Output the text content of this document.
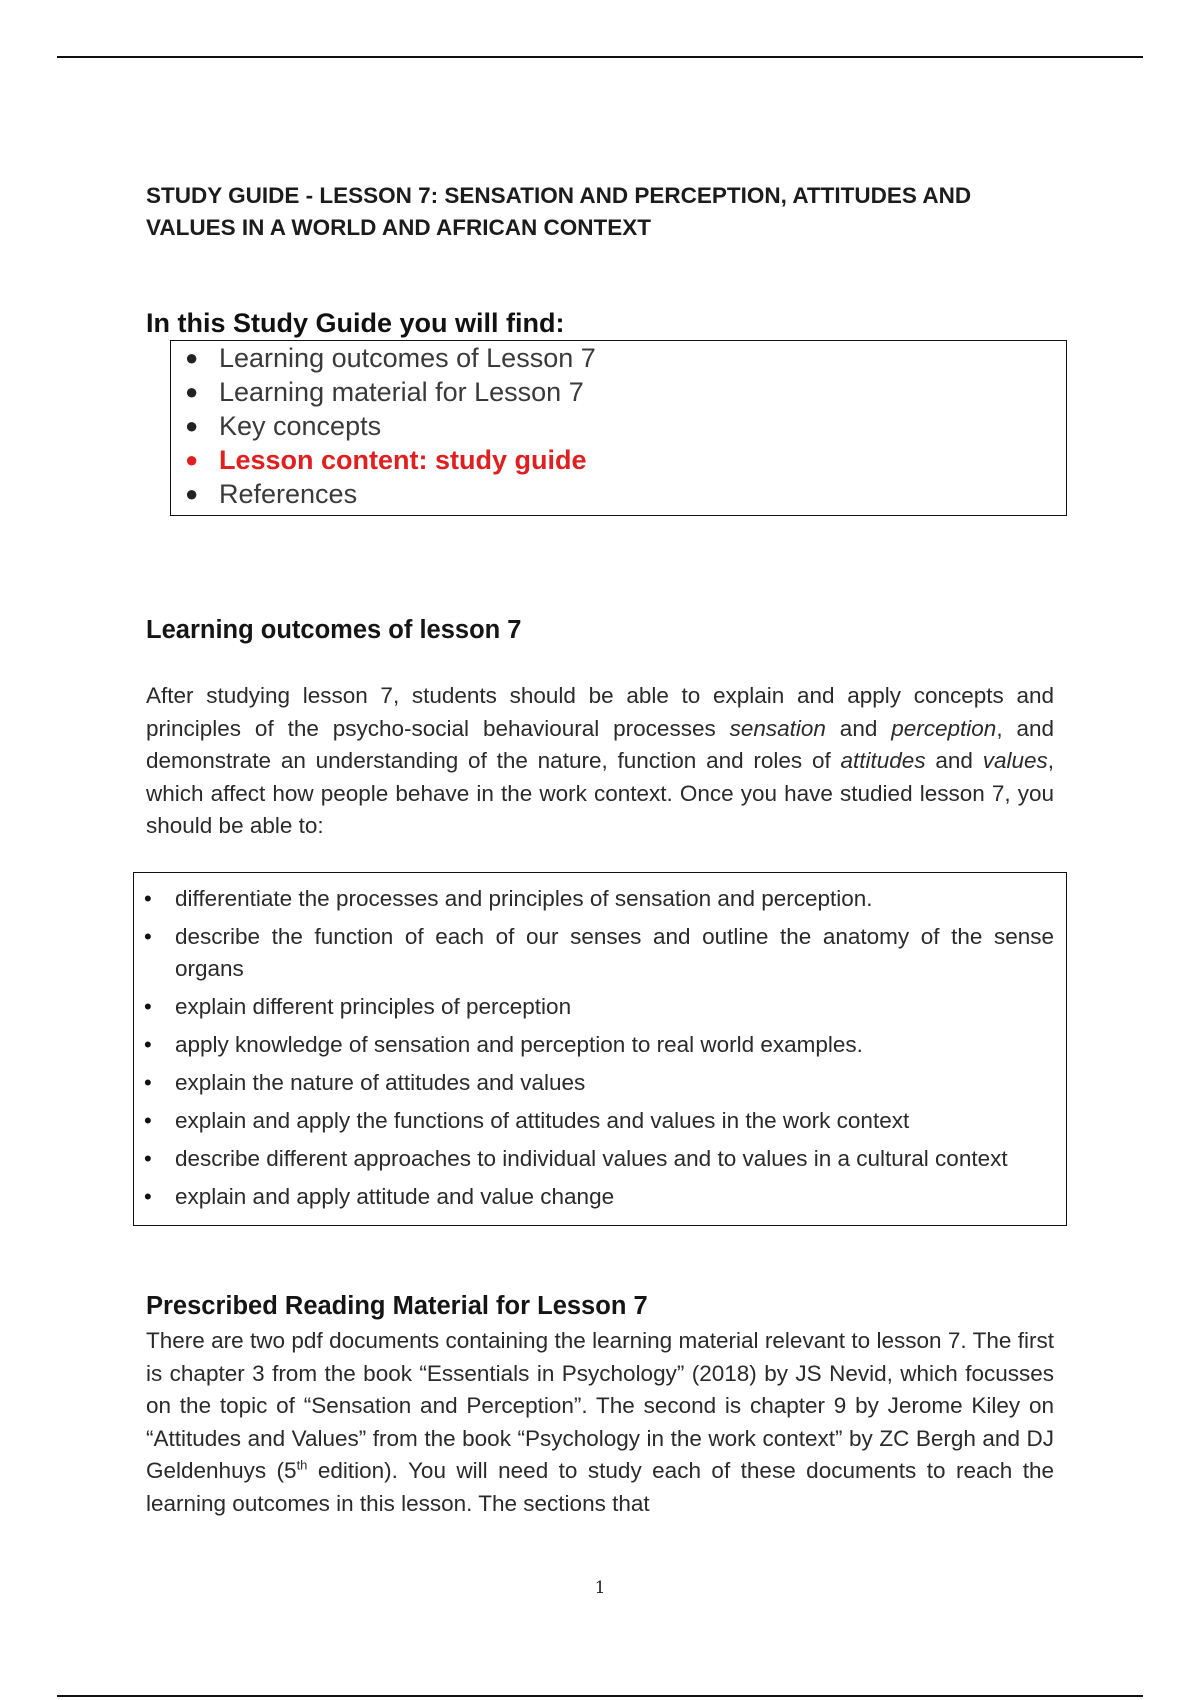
STUDY GUIDE - LESSON 7: SENSATION AND PERCEPTION, ATTITUDES AND VALUES IN A WORLD AND AFRICAN CONTEXT
In this Study Guide you will find:
● Learning outcomes of Lesson 7
● Learning material for Lesson 7
● Key concepts
● Lesson content: study guide
● References
Learning outcomes of lesson 7

After studying lesson 7, students should be able to explain and apply concepts and principles of the psycho-social behavioural processes sensation and perception, and demonstrate an understanding of the nature, function and roles of attitudes and values, which affect how people behave in the work context. Once you have studied lesson 7, you should be able to:

• differentiate the processes and principles of sensation and perception.
• describe the function of each of our senses and outline the anatomy of the sense organs
• explain different principles of perception
• apply knowledge of sensation and perception to real world examples.
• explain the nature of attitudes and values
• explain and apply the functions of attitudes and values in the work context
• describe different approaches to individual values and to values in a cultural context
• explain and apply attitude and value change
Prescribed Reading Material for Lesson 7

There are two pdf documents containing the learning material relevant to lesson 7. The first is chapter 3 from the book “Essentials in Psychology” (2018) by JS Nevid, which focusses on the topic of “Sensation and Perception”. The second is chapter 9 by Jerome Kiley on “Attitudes and Values” from the book “Psychology in the work context” by ZC Bergh and DJ Geldenhuys (5th edition). You will need to study each of these documents to reach the learning outcomes in this lesson. The sections that

1
